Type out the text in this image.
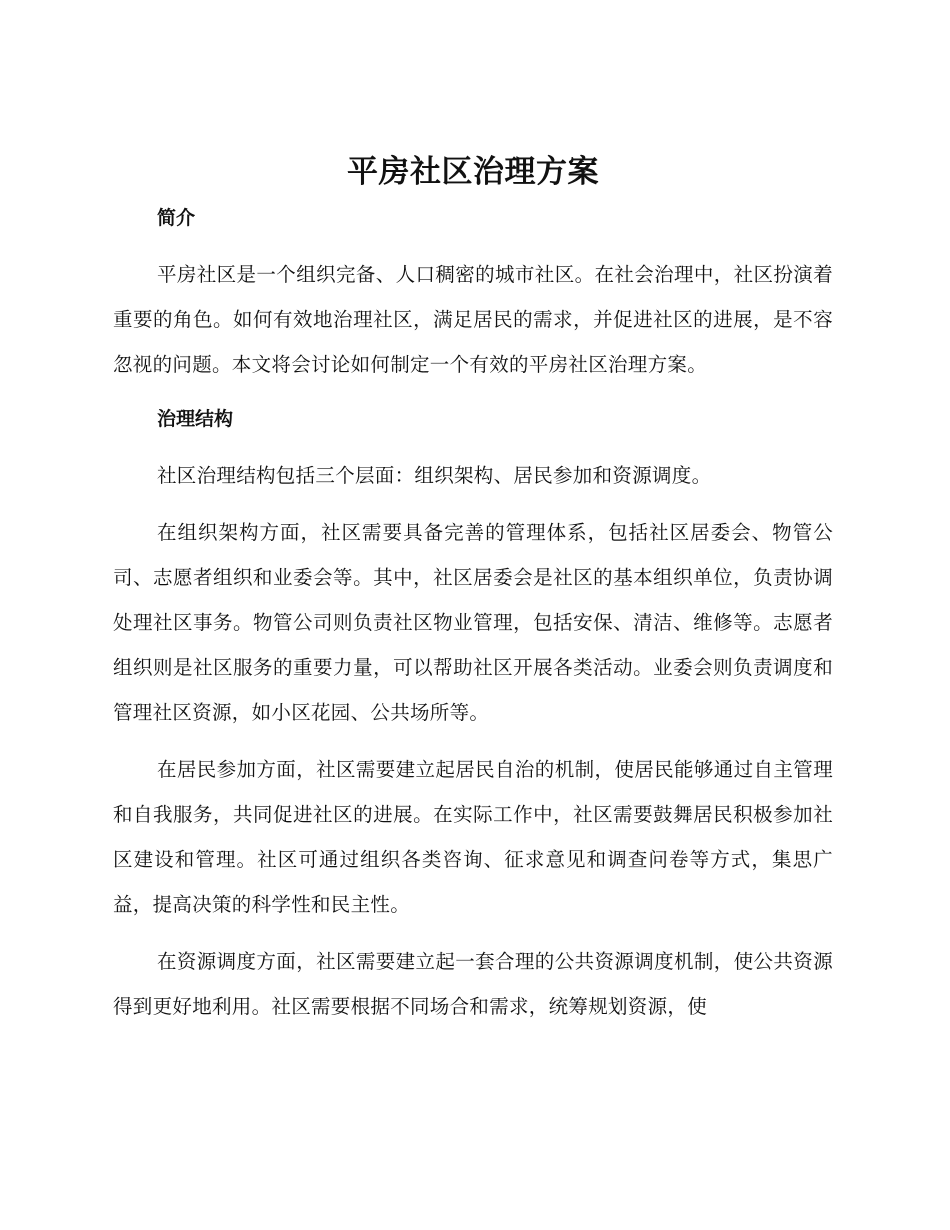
平房社区治理方案
简介

平房社区是一个组织完备、人口稠密的城市社区。在社会治理中，社区扮演着重要的角色。如何有效地治理社区，满足居民的需求，并促进社区的进展，是不容忽视的问题。本文将会讨论如何制定一个有效的平房社区治理方案。

治理结构

社区治理结构包括三个层面：组织架构、居民参加和资源调度。

在组织架构方面，社区需要具备完善的管理体系，包括社区居委会、物管公司、志愿者组织和业委会等。其中，社区居委会是社区的基本组织单位，负责协调处理社区事务。物管公司则负责社区物业管理，包括安保、清洁、维修等。志愿者组织则是社区服务的重要力量，可以帮助社区开展各类活动。业委会则负责调度和管理社区资源，如小区花园、公共场所等。

在居民参加方面，社区需要建立起居民自治的机制，使居民能够通过自主管理和自我服务，共同促进社区的进展。在实际工作中，社区需要鼓舞居民积极参加社区建设和管理。社区可通过组织各类咨询、征求意见和调查问卷等方式，集思广益，提高决策的科学性和民主性。

在资源调度方面，社区需要建立起一套合理的公共资源调度机制，使公共资源得到更好地利用。社区需要根据不同场合和需求，统筹规划资源，使
